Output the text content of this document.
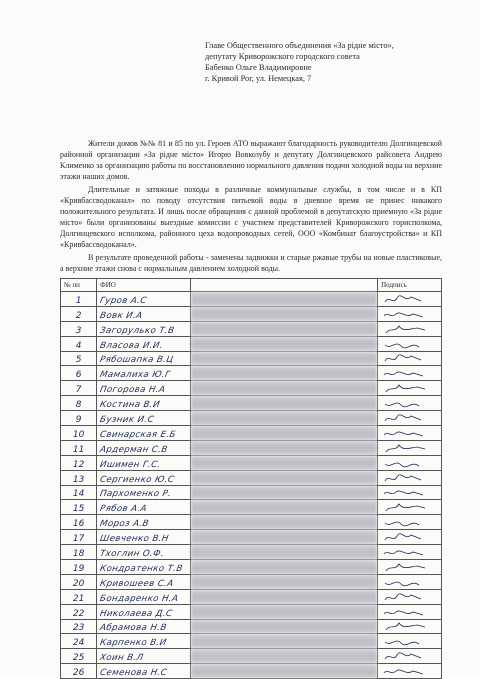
Главе Общественного объединения «За рiдне мiсто»,
депутату Криворожского городского совета
Бабенко Ольге Владимировне
г. Кривой Рог, ул. Немецкая, 7

Жители домов №№ 81 и 85 по ул. Героев АТО выражают благодарность руководителю Долгинцевской районной организации «За рiдне мiсто» Игорю Вовкозубу и депутату Долгинцевского райсовета Андрею Клименко за организацию работы по восстановлению нормального давления подачи холодной воды на верхние этажи наших домов.

Длительные и затяжные походы в различные коммунальные службы, в том числе и в КП «Кривбассводоканал» по поводу отсутствия питьевой воды в дневное время не принес никакого положительного результата. И лишь после обращения с данной проблемой в депутатскую приемную «За рiдне мiсто» были организованы выездные комиссии с участием представителей Криворожского горисполкома, Долгинцевского исполкома, районного цеха водопроводных сетей, ООО «Комбинат благоустройства» и КП «Кривбассводоканал».

В результате проведенной работы - заменены задвижки и старые ржавые трубы на новые пластиковые, а верхние этажи снова с нормальным давлением холодной воды.

№ пп	ФИО		Подпись
1	Гуров А.С		

2	Вовк И.А		

3	Загорулько Т.В		

4	Власова И.И.		

5	Рябошапка В.Ц		

6	Мамалиха Ю.Г		

7	Погорова Н.А		

8	Костина В.И		

9	Бузник И.С		

10	Свинарская Е.Б		

11	Ардерман С.В		

12	Ишимен Г.С.		

13	Сергиенко Ю.С		

14	Пархоменко Р.		

15	Рябов А.А		

16	Мороз А.В		

17	Шевченко В.Н		

18	Тхоглин О.Ф.		

19	Кондратенко Т.В		

20	Кривошеев С.А		

21	Бондаренко Н.А		

22	Николаева Д.С		

23	Абрамова Н.В		

24	Карпенко В.И		

25	Хоин В.Л		

26	Семенова Н.С		
